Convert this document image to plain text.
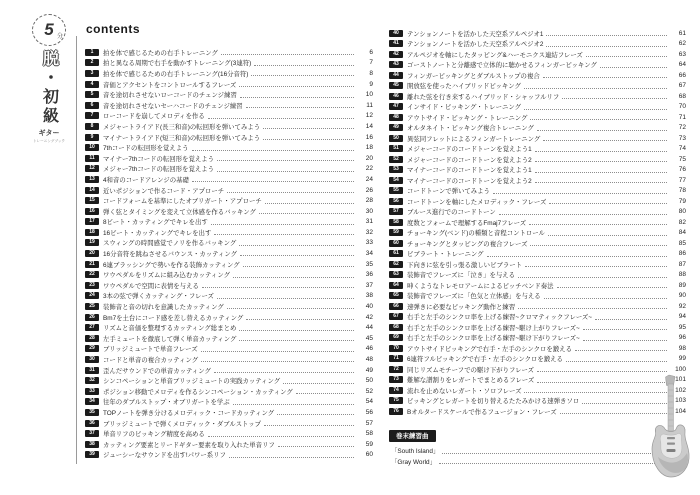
5 分
脱・初級
ギター
トレーニングブック
contents
1	拍を体で感じるための右手トレーニング	6
2	拍と異なる周期で右手を動かすトレーニング(3連符)	7
3	拍を体で感じるための右手トレーニング(16分音符)	8
4	音価とアクセントをコントロールするフレーズ	9
5	音を途切れさせないローコードのチェンジ練習	10
6	音を途切れさせないセーハコードのチェンジ練習	11
7	ローコードを崩してメロディを作る	12
8	メジャートライアド(長三和音)の転回形を弾いてみよう	14
9	マイナートライアド(短三和音)の転回形を弾いてみよう	16
10	7thコードの転回形を覚えよう	18
11	マイナー7thコードの転回形を覚えよう	20
12	メジャー7thコードの転回形を覚えよう	22
13	4和音のコードアレンジの基礎	24
14	近いポジションで作るコード・アプローチ	26
15	コードフォームを基準にしたオブリガート・アプローチ	28
16	弾く弦とタイミングを変えて立体感を作るバッキング	30
17	8ビート・カッティングでキレを出す	31
18	16ビート・カッティングでキレを出す	32
19	スウィングの時間感覚でノリを作るバッキング	33
20	16分音符を跳ねさせるバウンス・カッティング	34
21	6連ブラッシングで勢いを作る装飾カッティング	35
22	ワウペダルをリズムに組み込むカッティング	36
23	ワウペダルで空間に表情を与える	37
24	3本の弦で弾くカッティング・フレーズ	38
25	装飾音と音の切れを意識したカッティング	40
26	Bm7を土台にコード感を差し替えるカッティング	42
27	リズムと音価を整理するカッティング総まとめ	44
28	左手ミュートを徹底して弾く単音カッティング	45
29	ブリッジミュートで単音フレーズ	46
30	コードと単音の複合カッティング	48
31	歪んだサウンドでの単音カッティング	49
32	シンコペーションと単音ブリッジミュートの実践カッティング	50
33	ポジション移動でメロディを作るシンコペーション・カッティング	52
34	往年のダブルストップ・オブリガートを学ぶ	54
35	TOPノートを弾き分けるメロディック・コードカッティング	56
36	ブリッジミュートで弾くメロディック・ダブルストップ	57
37	単音リフのピッキング精度を高める	58
38	カッティング要素とリードギター要素を取り入れた単音リフ	59
39	ジューシーなサウンドを出す!パワー系リフ	60
40	テンションノートを活かした天空系アルペジオ1	61
41	テンションノートを活かした天空系アルペジオ2	62
42	アルペジオを軸にしたタッピング&ハーモニクス連結フレーズ	63
43	ゴーストノートと分離感で立体的に聴かせるフィンガーピッキング	64
44	フィンガーピッキングとダブルストップの複合	66
45	開放弦を使ったハイブリッドピッキング	67
46	離れた弦を行き来するハイブリッド・シャッフルリフ	68
47	インサイド・ピッキング・トレーニング	70
48	アウトサイド・ピッキング・トレーニング	71
49	オルタネイト・ピッキング複合トレーニング	72
50	異弦同フレットによるフィンガートレーニング	73
51	メジャーコードのコードトーンを覚えよう1	74
52	メジャーコードのコードトーンを覚えよう2	75
53	マイナーコードのコードトーンを覚えよう1	76
54	マイナーコードのコードトーンを覚えよう2	77
55	コードトーンで弾いてみよう	78
56	コードトーンを軸にしたメロディック・フレーズ	79
57	ブルース進行でのコードトーン	80
58	度数とフォームで理解するFmaj7フレーズ	82
59	チョーキング(ベンド)の種類と音程コントロール	84
60	チョーキングとタッピングの複合フレーズ	85
61	ビブラート・トレーニング	86
62	下向きに弦を引っ張る激しいビブラート	87
63	装飾音でフレーズに「泣き」を与える	88
64	呻くようなトレモロアームによるピッチベンド奏法	89
65	装飾音でフレーズに「色気と立体感」を与える	90
66	速弾きに必要なピッキング動作と練習	92
67	右手と左手のシンクロ率を上げる練習~クロマティックフレーズ~	94
68	右手と左手のシンクロ率を上げる練習~駆け上がりフレーズ~	95
69	右手と左手のシンクロ率を上げる練習~駆け下がりフレーズ~	96
70	アウトサイドピッキングで右手・左手のシンクロを鍛える	98
71	6連符フルピッキングで右手・左手のシンクロを鍛える	99
72	同じリズムモチーフでの駆け下がりフレーズ	100
73	難解な譜割りをレガートでまとめるフレーズ	101
74	流れを止めないレガート・ソロフレーズ	102
75	ピッキングとレガートを切り替えるたたみかける速弾きソロ	103
76	Bオルタードスケールで作るフュージョン・フレーズ	104
巻末練習曲
「South Island」
「Gray World」
